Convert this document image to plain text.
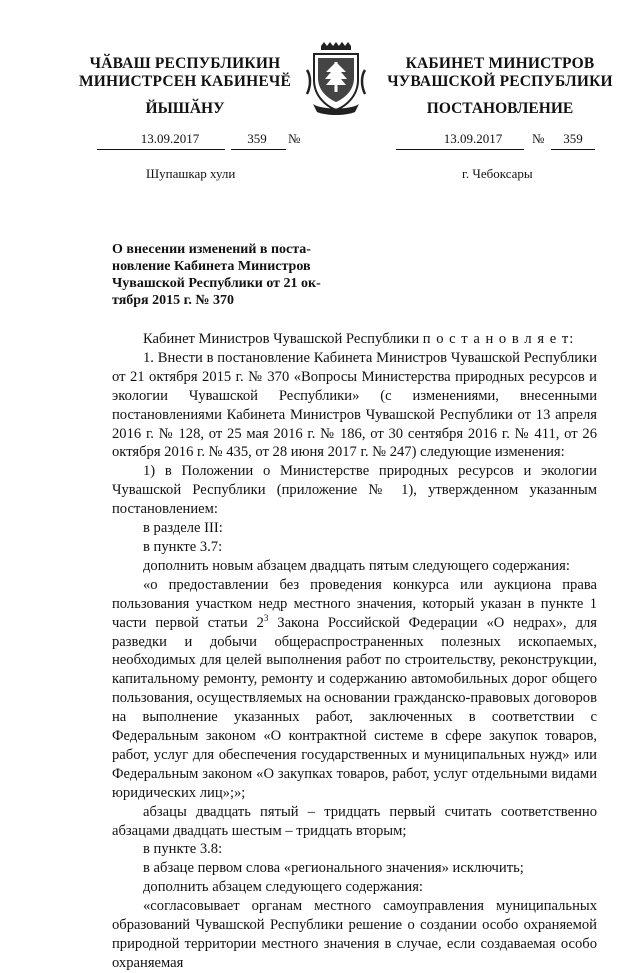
ЧӐВАШ РЕСПУБЛИКИН
МИНИСТРСЕН КАБИНЕЧӖ
ЙЫШӐНУ
КАБИНЕТ МИНИСТРОВ
ЧУВАШСКОЙ РЕСПУБЛИКИ
ПОСТАНОВЛЕНИЕ
13.09.2017	359	№
Шупашкар хули
13.09.2017	№	359
г. Чебоксары
О внесении изменений в поста-
новление Кабинета Министров
Чувашской Республики от 21 ок-
тября 2015 г. № 370

Кабинет Министров Чувашской Республики п о с т а н о в л я е т:

1. Внести в постановление Кабинета Министров Чувашской Республики от 21 октября 2015 г. № 370 «Вопросы Министерства природных ресурсов и экологии Чувашской Республики» (с изменениями, внесенными постановлениями Кабинета Министров Чувашской Республики от 13 апреля 2016 г. № 128, от 25 мая 2016 г. № 186, от 30 сентября 2016 г. № 411, от 26 октября 2016 г. № 435, от 28 июня 2017 г. № 247) следующие изменения:

1) в Положении о Министерстве природных ресурсов и экологии Чувашской Республики (приложение № 1), утвержденном указанным постановлением:

в разделе III:

в пункте 3.7:

дополнить новым абзацем двадцать пятым следующего содержания:

«о предоставлении без проведения конкурса или аукциона права пользования участком недр местного значения, который указан в пункте 1 части первой статьи $2^3$ Закона Российской Федерации «О недрах», для разведки и добычи общераспространенных полезных ископаемых, необходимых для целей выполнения работ по строительству, реконструкции, капитальному ремонту, ремонту и содержанию автомобильных дорог общего пользования, осуществляемых на основании гражданско-правовых договоров на выполнение указанных работ, заключенных в соответствии с Федеральным законом «О контрактной системе в сфере закупок товаров, работ, услуг для обеспечения государственных и муниципальных нужд» или Федеральным законом «О закупках товаров, работ, услуг отдельными видами юридических лиц»;»;

абзацы двадцать пятый – тридцать первый считать соответственно абзацами двадцать шестым – тридцать вторым;

в пункте 3.8:

в абзаце первом слова «регионального значения» исключить;

дополнить абзацем следующего содержания:

«согласовывает органам местного самоуправления муниципальных образований Чувашской Республики решение о создании особо охраняемой природной территории местного значения в случае, если создаваемая особо охраняемая
